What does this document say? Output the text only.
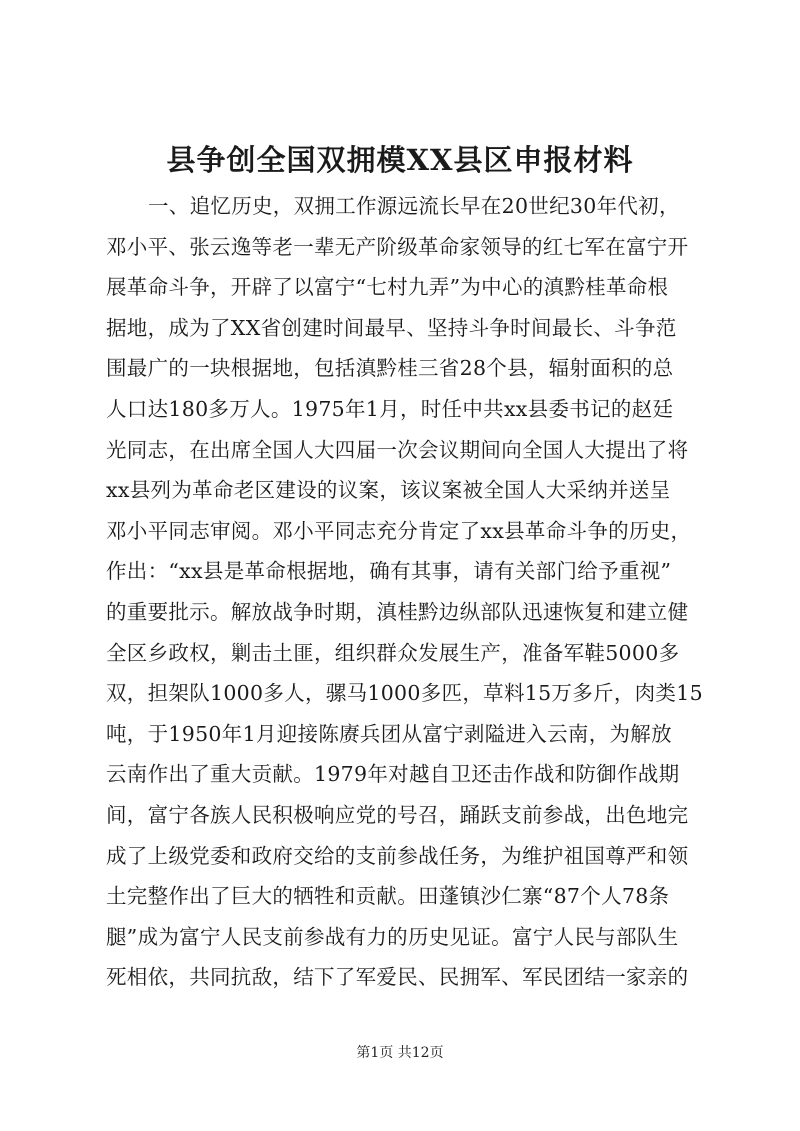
县争创全国双拥模XX县区申报材料
一、追忆历史，双拥工作源远流长早在20世纪30年代初，
邓小平、张云逸等老一辈无产阶级革命家领导的红七军在富宁开
展革命斗争，开辟了以富宁“七村九弄”为中心的滇黔桂革命根
据地，成为了XX省创建时间最早、坚持斗争时间最长、斗争范
围最广的一块根据地，包括滇黔桂三省28个县，辐射面积的总
人口达180多万人。1975年1月，时任中共xx县委书记的赵廷
光同志，在出席全国人大四届一次会议期间向全国人大提出了将
xx县列为革命老区建设的议案，该议案被全国人大采纳并送呈
邓小平同志审阅。邓小平同志充分肯定了xx县革命斗争的历史，
作出：“xx县是革命根据地，确有其事，请有关部门给予重视”
的重要批示。解放战争时期，滇桂黔边纵部队迅速恢复和建立健
全区乡政权，剿击土匪，组织群众发展生产，准备军鞋5000多
双，担架队1000多人，骡马1000多匹，草料15万多斤，肉类15
吨，于1950年1月迎接陈赓兵团从富宁剥隘进入云南，为解放
云南作出了重大贡献。1979年对越自卫还击作战和防御作战期
间，富宁各族人民积极响应党的号召，踊跃支前参战，出色地完
成了上级党委和政府交给的支前参战任务，为维护祖国尊严和领
土完整作出了巨大的牺牲和贡献。田蓬镇沙仁寨“87个人78条
腿”成为富宁人民支前参战有力的历史见证。富宁人民与部队生
死相依，共同抗敌，结下了军爱民、民拥军、军民团结一家亲的
第1页 共12页
